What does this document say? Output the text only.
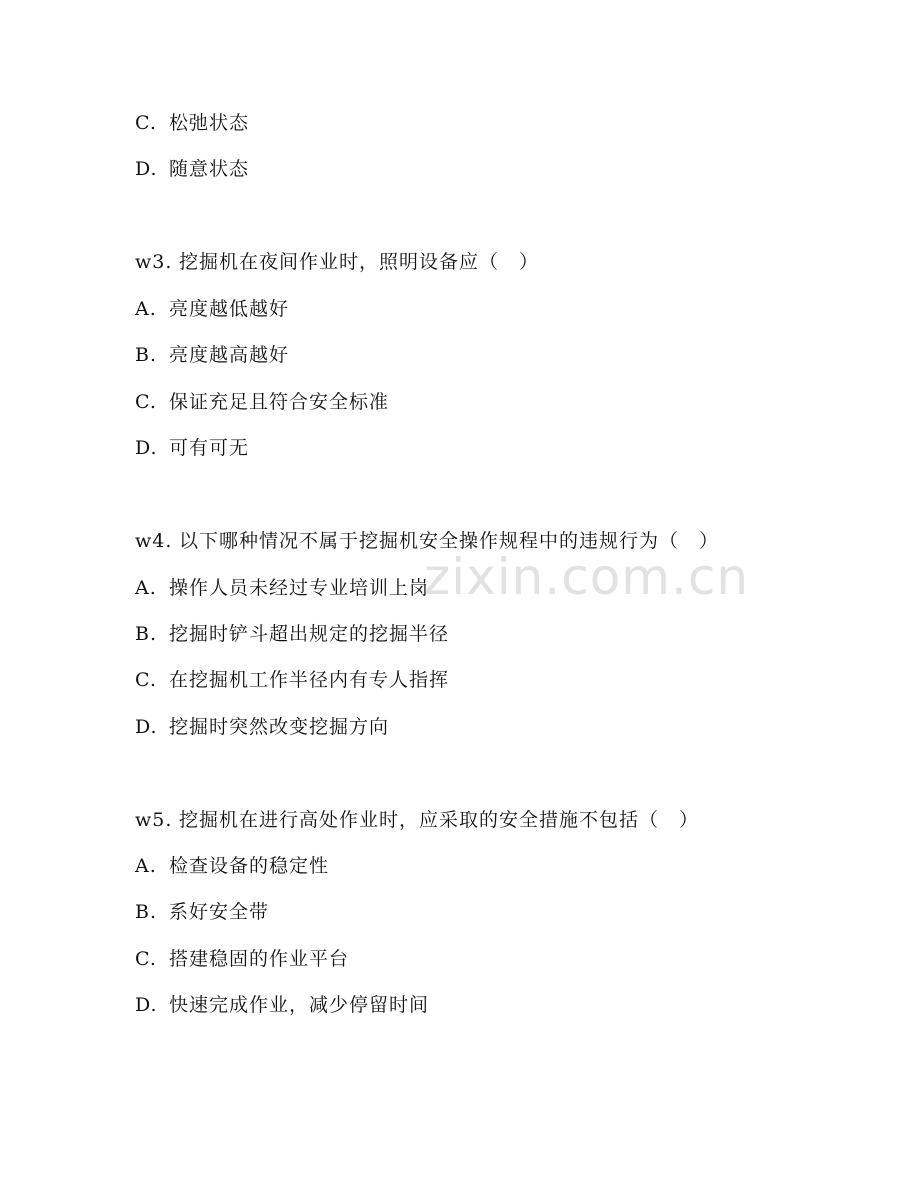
C. 松弛状态
D. 随意状态
w3. 挖掘机在夜间作业时，照明设备应（　）
A. 亮度越低越好
B. 亮度越高越好
C. 保证充足且符合安全标准
D. 可有可无
w4. 以下哪种情况不属于挖掘机安全操作规程中的违规行为（　）
A. 操作人员未经过专业培训上岗
B. 挖掘时铲斗超出规定的挖掘半径
C. 在挖掘机工作半径内有专人指挥
D. 挖掘时突然改变挖掘方向
w5. 挖掘机在进行高处作业时，应采取的安全措施不包括（　）
A. 检查设备的稳定性
B. 系好安全带
C. 搭建稳固的作业平台
D. 快速完成作业，减少停留时间
zixin.com.cn
